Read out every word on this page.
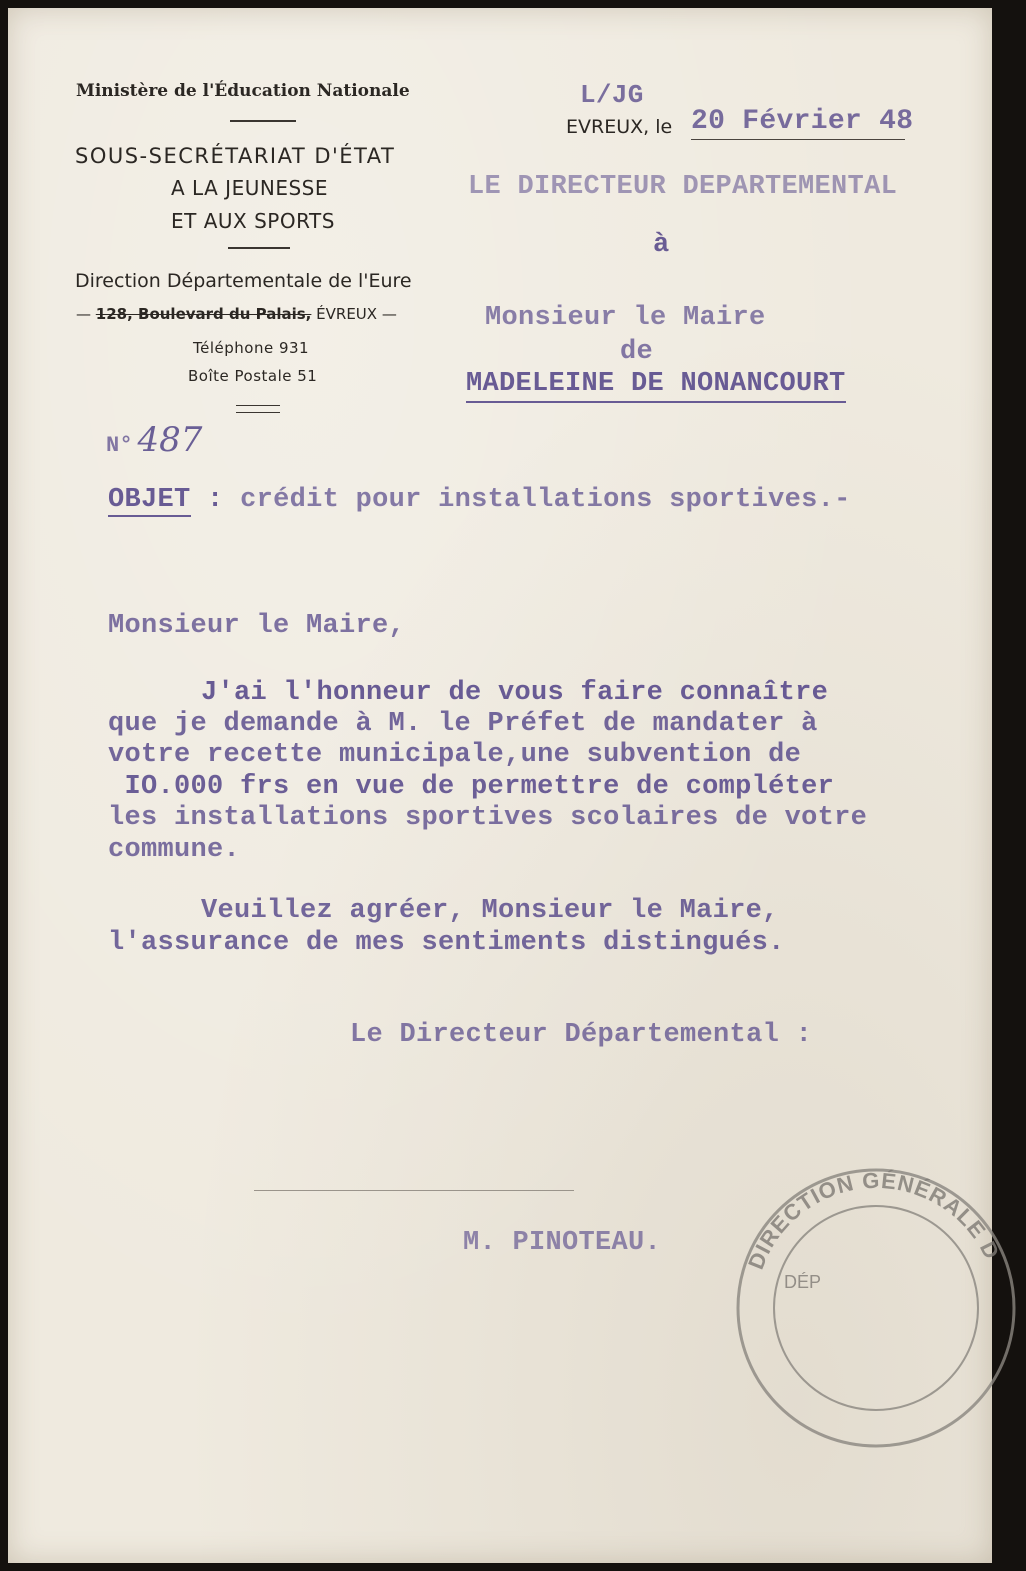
Ministère de l'Éducation Nationale
SOUS-SECRÉTARIAT D'ÉTAT
A LA JEUNESSE
ET AUX SPORTS
Direction Départementale de l'Eure
— 128, Boulevard du Palais, ÉVREUX —
Téléphone 931
Boîte Postale 51
L/JG
EVREUX, le 20 Février 48
LE DIRECTEUR DEPARTEMENTAL
à
Monsieur le Maire
de
MADELEINE DE NONANCOURT
N° 487
OBJET : crédit pour installations sportives.-
Monsieur le Maire,
J'ai l'honneur de vous faire connaître
que je demande à M. le Préfet de mandater à
votre recette municipale,une subvention de
IO.000 frs en vue de permettre de compléter
les installations sportives scolaires de votre
commune.
Veuillez agréer, Monsieur le Maire,
l'assurance de mes sentiments distingués.
Le Directeur Départemental :
M. PINOTEAU.
DIRECTION GÉNÉRALE D
DÉP
